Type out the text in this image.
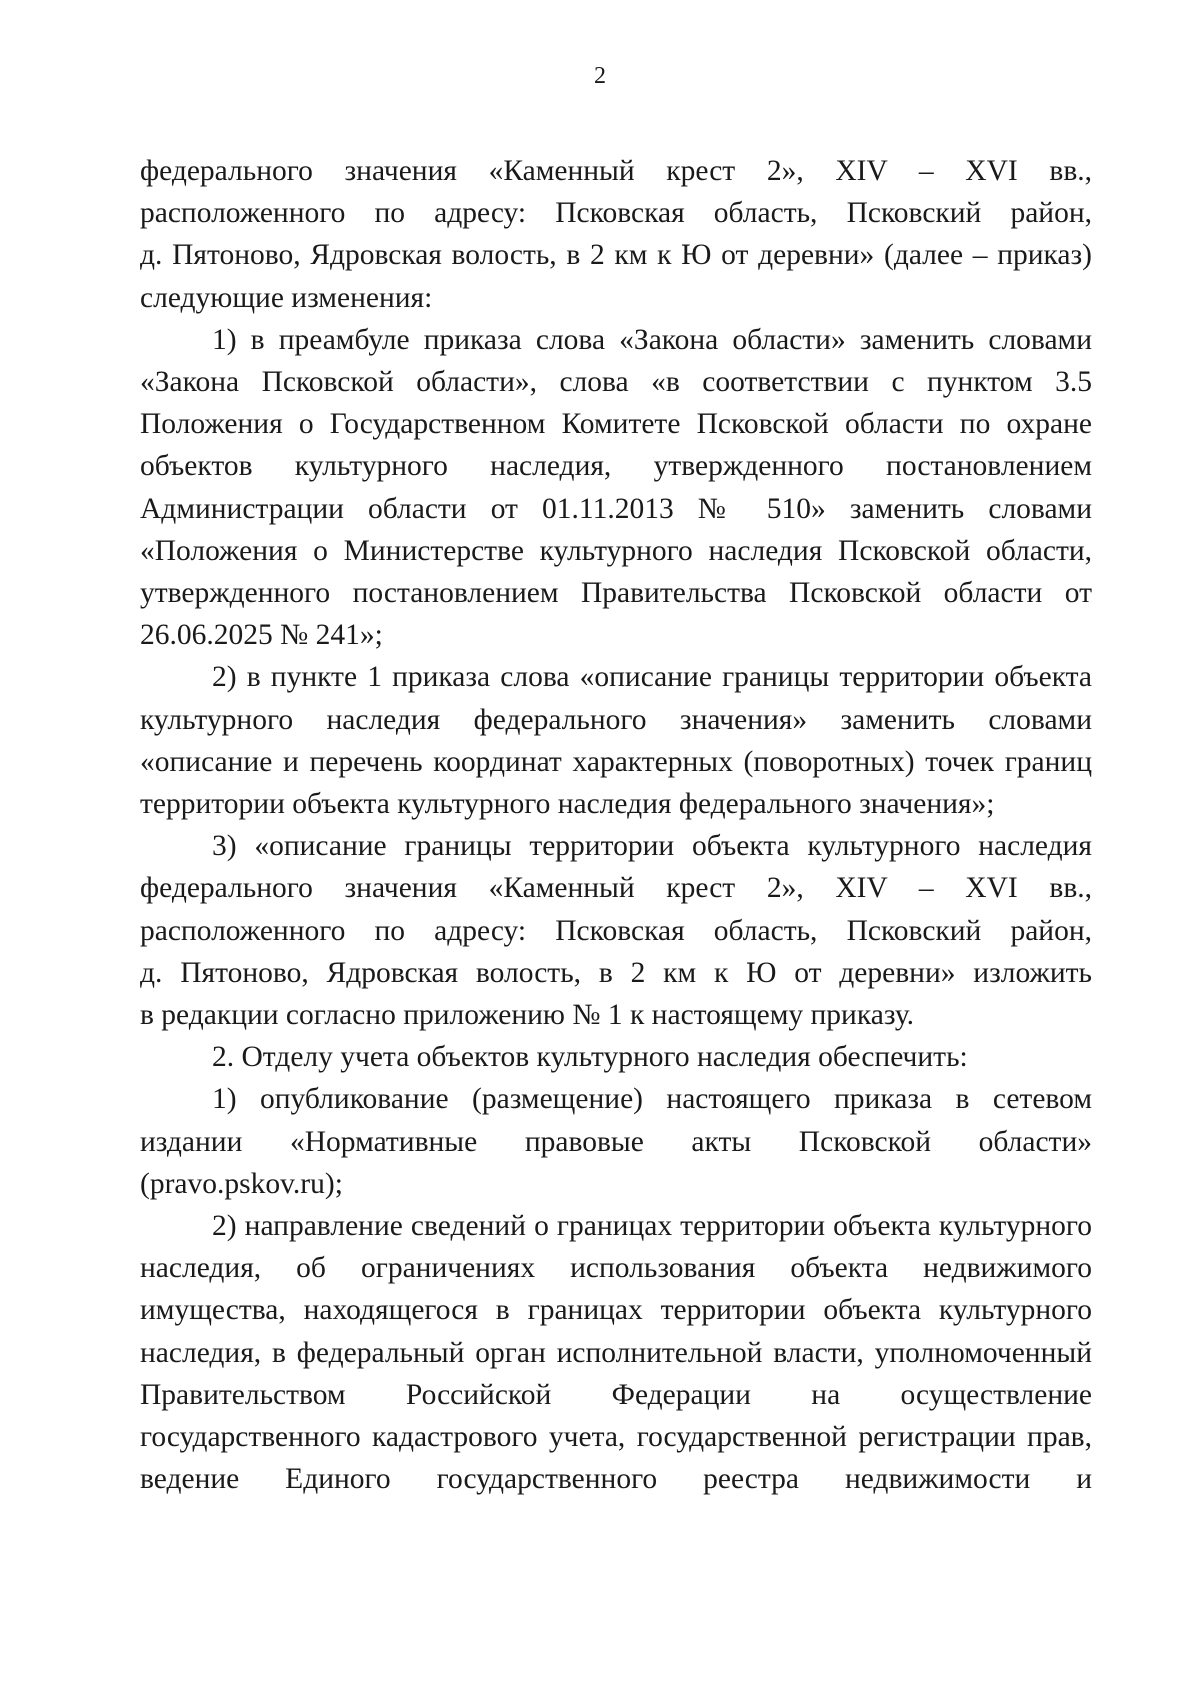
2
федерального значения «Каменный крест 2», XIV – XVI вв.,
расположенного по адресу: Псковская область, Псковский район,
д. Пятоново, Ядровская волость, в 2 км к Ю от деревни» (далее – приказ)
следующие изменения:
1) в преамбуле приказа слова «Закона области» заменить словами
«Закона Псковской области», слова «в соответствии с пунктом 3.5
Положения о Государственном Комитете Псковской области по охране
объектов культурного наследия, утвержденного постановлением
Администрации области от 01.11.2013 № 510» заменить словами
«Положения о Министерстве культурного наследия Псковской области,
утвержденного постановлением Правительства Псковской области от
26.06.2025 № 241»;
2) в пункте 1 приказа слова «описание границы территории объекта
культурного наследия федерального значения» заменить словами
«описание и перечень координат характерных (поворотных) точек границ
территории объекта культурного наследия федерального значения»;
3) «описание границы территории объекта культурного наследия
федерального значения «Каменный крест 2», XIV – XVI вв.,
расположенного по адресу: Псковская область, Псковский район,
д. Пятоново, Ядровская волость, в 2 км к Ю от деревни» изложить
в редакции согласно приложению № 1 к настоящему приказу.
2. Отделу учета объектов культурного наследия обеспечить:
1) опубликование (размещение) настоящего приказа в сетевом
издании «Нормативные правовые акты Псковской области»
(pravo.pskov.ru);
2) направление сведений о границах территории объекта культурного
наследия, об ограничениях использования объекта недвижимого
имущества, находящегося в границах территории объекта культурного
наследия, в федеральный орган исполнительной власти, уполномоченный
Правительством Российской Федерации на осуществление
государственного кадастрового учета, государственной регистрации прав,
ведение Единого государственного реестра недвижимости и
